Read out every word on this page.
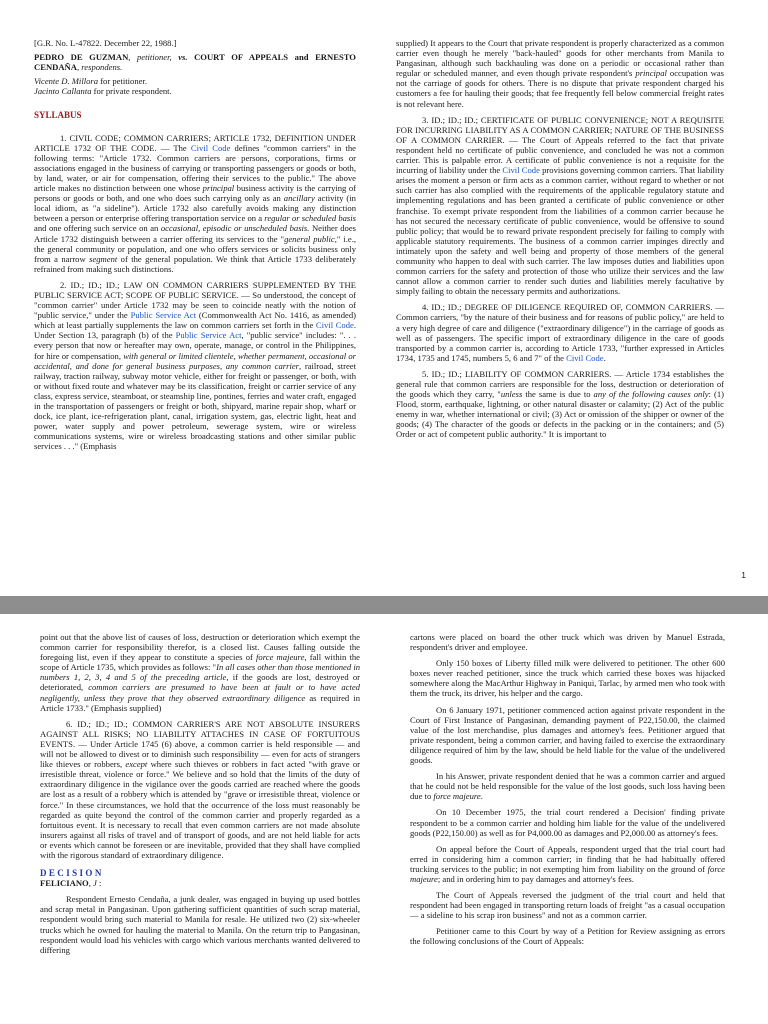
[G.R. No. L-47822. December 22, 1988.]

PEDRO DE GUZMAN, petitioner, vs. COURT OF APPEALS and ERNESTO CENDAÑA, respondens.

Vicente D. Millora for petitioner.

Jacinto Callanta for private respondent.

SYLLABUS

1. CIVIL CODE; COMMON CARRIERS; ARTICLE 1732, DEFINITION UNDER ARTICLE 1732 OF THE CODE. — The Civil Code defines "common carriers" in the following terms: "Article 1732. Common carriers are persons, corporations, firms or associations engaged in the business of carrying or transporting passengers or goods or both, by land, water, or air for compensation, offering their services to the public." The above article makes no distinction between one whose principal business activity is the carrying of persons or goods or both, and one who does such carrying only as an ancillary activity (in local idiom, as "a sideline"). Article 1732 also carefully avoids making any distinction between a person or enterprise offering transportation service on a regular or scheduled basis and one offering such service on an occasional, episodic or unscheduled basis. Neither does Article 1732 distinguish between a carrier offering its services to the "general public," i.e., the general community or population, and one who offers services or solicits business only from a narrow segment of the general population. We think that Article 1733 deliberately refrained from making such distinctions.

2. ID.; ID.; ID.; LAW ON COMMON CARRIERS SUPPLEMENTED BY THE PUBLIC SERVICE ACT; SCOPE OF PUBLIC SERVICE. — So understood, the concept of "common carrier" under Article 1732 may be seen to coincide neatly with the notion of "public service," under the Public Service Act (Commonwealth Act No. 1416, as amended) which at least partially supplements the law on common carriers set forth in the Civil Code. Under Section 13, paragraph (b) of the Public Service Act, "public service" includes: ". . . every person that now or hereafter may own, operate, manage, or control in the Philippines, for hire or compensation, with general or limited clientele, whether permanent, occasional or accidental, and done for general business purposes, any common carrier, railroad, street railway, traction railway, subway motor vehicle, either for freight or passenger, or both, with or without fixed route and whatever may be its classification, freight or carrier service of any class, express service, steamboat, or steamship line, pontines, ferries and water craft, engaged in the transportation of passengers or freight or both, shipyard, marine repair shop, wharf or dock, ice plant, ice-refrigeration plant, canal, irrigation system, gas, electric light, heat and power, water supply and power petroleum, sewerage system, wire or wireless communications systems, wire or wireless broadcasting stations and other similar public services . . ." (Emphasis

supplied) It appears to the Court that private respondent is properly characterized as a common carrier even though he merely "back-hauled" goods for other merchants from Manila to Pangasinan, although such backhauling was done on a periodic or occasional rather than regular or scheduled manner, and even though private respondent's principal occupation was not the carriage of goods for others. There is no dispute that private respondent charged his customers a fee for hauling their goods; that fee frequently fell below commercial freight rates is not relevant here.

3. ID.; ID.; ID.; CERTIFICATE OF PUBLIC CONVENIENCE; NOT A REQUISITE FOR INCURRING LIABILITY AS A COMMON CARRIER; NATURE OF THE BUSINESS OF A COMMON CARRIER. — The Court of Appeals referred to the fact that private respondent held no certificate of public convenience, and concluded he was not a common carrier. This is palpable error. A certificate of public convenience is not a requisite for the incurring of liability under the Civil Code provisions governing common carriers. That liability arises the moment a person or firm acts as a common carrier, without regard to whether or not such carrier has also complied with the requirements of the applicable regulatory statute and implementing regulations and has been granted a certificate of public convenience or other franchise. To exempt private respondent from the liabilities of a common carrier because he has not secured the necessary certificate of public convenience, would be offensive to sound public policy; that would be to reward private respondent precisely for failing to comply with applicable statutory requirements. The business of a common carrier impinges directly and intimately upon the safety and well being and property of those members of the general community who happen to deal with such carrier. The law imposes duties and liabilities upon common carriers for the safety and protection of those who utilize their services and the law cannot allow a common carrier to render such duties and liabilities merely facultative by simply failing to obtain the necessary permits and authorizations.

4. ID.; ID.; DEGREE OF DILIGENCE REQUIRED OF, COMMON CARRIERS. — Common carriers, "by the nature of their business and for reasons of public policy," are held to a very high degree of care and diligence ("extraordinary diligence") in the carriage of goods as well as of passengers. The specific import of extraordinary diligence in the care of goods transported by a common carrier is, according to Article 1733, "further expressed in Articles 1734, 1735 and 1745, numbers 5, 6 and 7" of the Civil Code.

5. ID.; ID.; LIABILITY OF COMMON CARRIERS. — Article 1734 establishes the general rule that common carriers are responsible for the loss, destruction or deterioration of the goods which they carry, "unless the same is due to any of the following causes only: (1) Flood, storm, earthquake, lightning, or other natural disaster or calamity; (2) Act of the public enemy in war, whether international or civil; (3) Act or omission of the shipper or owner of the goods; (4) The character of the goods or defects in the packing or in the containers; and (5) Order or act of competent public authority." It is important to

1

point out that the above list of causes of loss, destruction or deterioration which exempt the common carrier for responsibility therefor, is a closed list. Causes falling outside the foregoing list, even if they appear to constitute a species of force majeure, fall within the scope of Article 1735, which provides as follows: "In all cases other than those mentioned in numbers 1, 2, 3, 4 and 5 of the preceding article, if the goods are lost, destroyed or deteriorated, common carriers are presumed to have been at fault or to have acted negligently, unless they prove that they observed extraordinary diligence as required in Article 1733." (Emphasis supplied)

6. ID.; ID.; ID.; COMMON CARRIER'S ARE NOT ABSOLUTE INSURERS AGAINST ALL RISKS; NO LIABILITY ATTACHES IN CASE OF FORTUITOUS EVENTS. — Under Article 1745 (6) above, a common carrier is held responsible — and will not be allowed to divest or to diminish such responsibility — even for acts of strangers like thieves or robbers, except where such thieves or robbers in fact acted "with grave or irresistible threat, violence or force." We believe and so hold that the limits of the duty of extraordinary diligence in the vigilance over the goods carried are reached where the goods are lost as a result of a robbery which is attended by "grave or irresistible threat, violence or force." In these circumstances, we hold that the occurrence of the loss must reasonably be regarded as quite beyond the control of the common carrier and properly regarded as a fortuitous event. It is necessary to recall that even common carriers are not made absolute insurers against all risks of travel and of transport of goods, and are not held liable for acts or events which cannot be foreseen or are inevitable, provided that they shall have complied with the rigorous standard of extraordinary diligence.

DECISION

FELICIANO, J :

Respondent Ernesto Cendaña, a junk dealer, was engaged in buying up used bottles and scrap metal in Pangasinan. Upon gathering sufficient quantities of such scrap material, respondent would bring such material to Manila for resale. He utilized two (2) six-wheeler trucks which he owned for hauling the material to Manila. On the return trip to Pangasinan, respondent would load his vehicles with cargo which various merchants wanted delivered to differing

cartons were placed on board the other truck which was driven by Manuel Estrada, respondent's driver and employee.

Only 150 boxes of Liberty filled milk were delivered to petitioner. The other 600 boxes never reached petitioner, since the truck which carried these boxes was hijacked somewhere along the MacArthur Highway in Paniqui, Tarlac, by armed men who took with them the truck, its driver, his helper and the cargo.

On 6 January 1971, petitioner commenced action against private respondent in the Court of First Instance of Pangasinan, demanding payment of P22,150.00, the claimed value of the lost merchandise, plus damages and attorney's fees. Petitioner argued that private respondent, being a common carrier, and having failed to exercise the extraordinary diligence required of him by the law, should be held liable for the value of the undelivered goods.

In his Answer, private respondent denied that he was a common carrier and argued that he could not be held responsible for the value of the lost goods, such loss having been due to force majeure.

On 10 December 1975, the trial court rendered a Decision' finding private respondent to be a common carrier and holding him liable for the value of the undelivered goods (P22,150.00) as well as for P4,000.00 as damages and P2,000.00 as attorney's fees.

On appeal before the Court of Appeals, respondent urged that the trial court had erred in considering him a common carrier; in finding that he had habitually offered trucking services to the public; in not exempting him from liability on the ground of force majeure; and in ordering him to pay damages and attorney's fees.

The Court of Appeals reversed the judgment of the trial court and held that respondent had been engaged in transporting return loads of freight "as a casual occupation — a sideline to his scrap iron business" and not as a common carrier.

Petitioner came to this Court by way of a Petition for Review assigning as errors the following conclusions of the Court of Appeals:
